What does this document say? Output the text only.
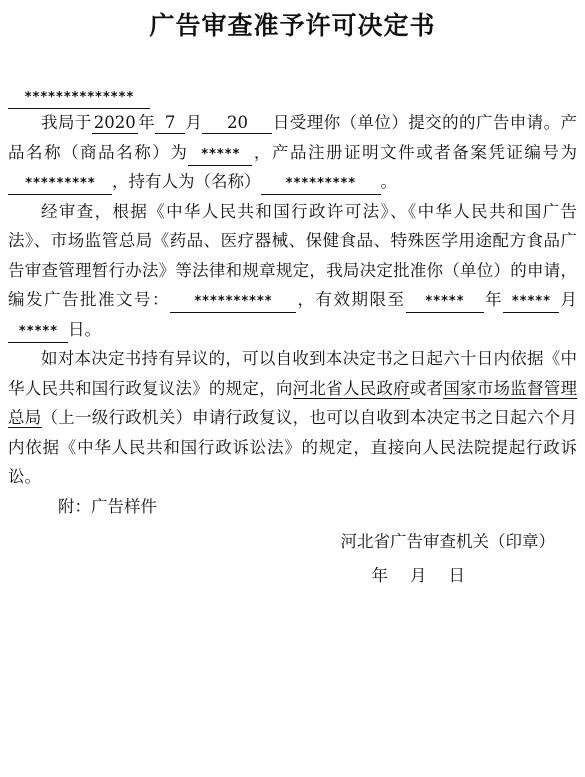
广告审查准予许可决定书
**************

我局于 2020 年 7 月 20 日受理你（单位）提交的的广告申请。产品名称（商品名称）为 ***** ，产品注册证明文件或者备案凭证编号为********* ，持有人为（名称） ********* 。

经审查，根据《中华人民共和国行政许可法》、《中华人民共和国广告法》、市场监管总局《药品、医疗器械、保健食品、特殊医学用途配方食品广告审查管理暂行办法》等法律和规章规定，我局决定批准你（单位）的申请，编发广告批准文号： ********** ，有效期限至 ***** 年 ***** 月***** 日。

如对本决定书持有异议的，可以自收到本决定书之日起六十日内依据《中华人民共和国行政复议法》的规定，向河北省人民政府或者国家市场监督管理总局（上一级行政机关）申请行政复议，也可以自收到本决定书之日起六个月内依据《中华人民共和国行政诉讼法》的规定，直接向人民法院提起行政诉讼。

附：广告样件

河北省广告审查机关（印章）

年 月 日
